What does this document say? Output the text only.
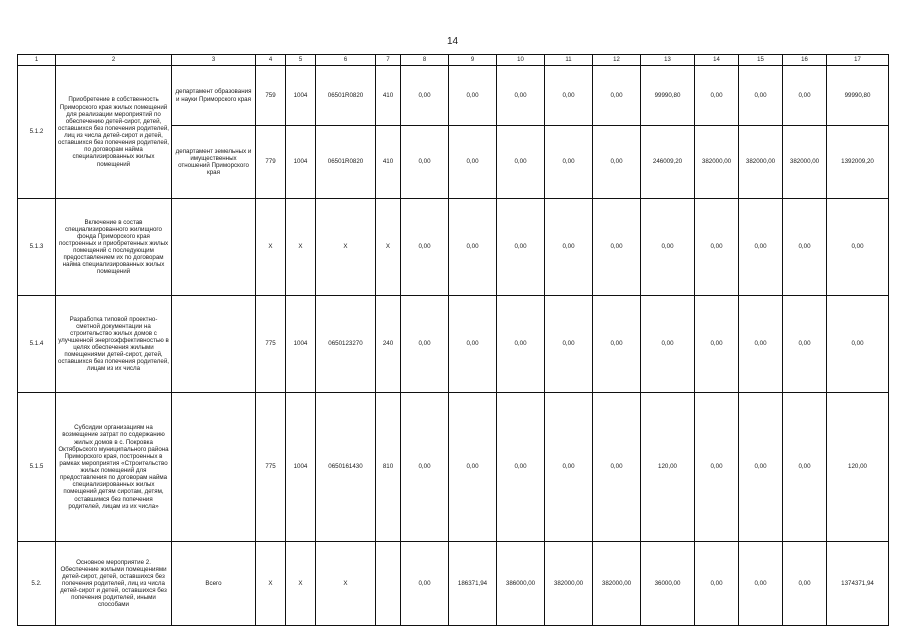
14
1	2	3	4	5	6	7	8	9	10	11	12	13	14	15	16	17
5.1.2	Приобретение в собственность Приморского края жилых помещений для реализации мероприятий по обеспечению детей-сирот, детей, оставшихся без попечения родителей, лиц из числа детей-сирот и детей, оставшихся без попечения родителей, по договорам найма специализированных жилых помещений	департамент образования и науки Приморского края	759	1004	06501R0820	410	0,00	0,00	0,00	0,00	0,00	99990,80	0,00	0,00	0,00	99990,80
		департамент земельных и имущественных отношений Приморского края	779	1004	06501R0820	410	0,00	0,00	0,00	0,00	0,00	246009,20	382000,00	382000,00	382000,00	1392009,20
5.1.3	Включение в состав специализированного жилищного фонда Приморского края построенных и приобретенных жилых помещений с последующим предоставлением их по договорам найма специализированных жилых помещений		X	X	X	X	0,00	0,00	0,00	0,00	0,00	0,00	0,00	0,00	0,00	0,00
5.1.4	Разработка типовой проектно-сметной документации на строительство жилых домов с улучшенной энергоэффективностью в целях обеспечения жилыми помещениями детей-сирот, детей, оставшихся без попечения родителей, лицам из их числа		775	1004	0650123270	240	0,00	0,00	0,00	0,00	0,00	0,00	0,00	0,00	0,00	0,00
5.1.5	Субсидии организациям на возмещение затрат по содержанию жилых домов в с. Покровка Октябрьского муниципального района Приморского края, построенных в рамках мероприятия «Строительство жилых помещений для предоставления по договорам найма специализированных жилых помещений детям сиротам, детям, оставшимся без попечения родителей, лицам из их числа»		775	1004	0650161430	810	0,00	0,00	0,00	0,00	0,00	120,00	0,00	0,00	0,00	120,00
5.2.	Основное мероприятие 2. Обеспечение жилыми помещениями детей-сирот, детей, оставшихся без попечения родителей, лиц из числа детей-сирот и детей, оставшихся без попечения родителей, иными способами	Всего	X	X	X		0,00	186371,94	386000,00	382000,00	382000,00	36000,00	0,00	0,00	0,00	1374371,94
